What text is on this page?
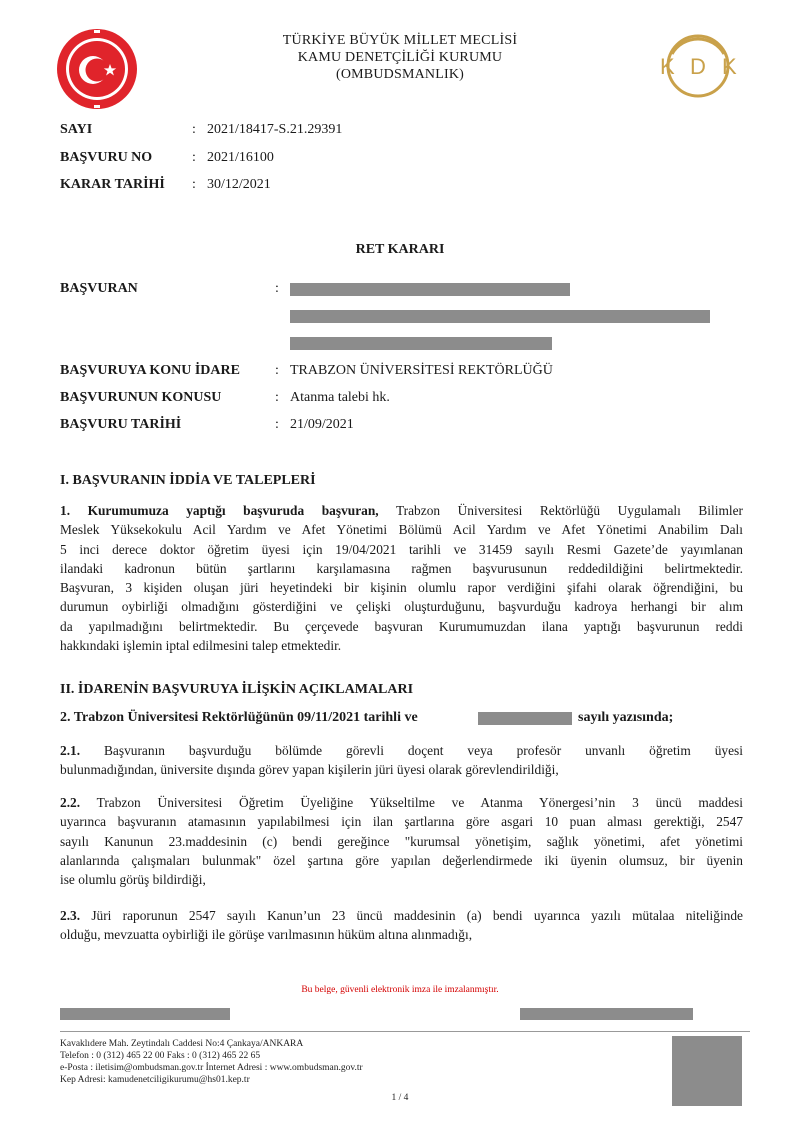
TÜRKİYE BÜYÜK MİLLET MECLİSİ
KAMU DENETÇİLİĞİ KURUMU
(OMBUDSMANLIK)	K D K
SAYI	: 2021/18417-S.21.29391
BAŞVURU NO	: 2021/16100
KARAR TARİHİ : 30/12/2021
RET KARARI
BAŞVURAN	:
BAŞVURUYA KONU İDARE	: TRABZON ÜNİVERSİTESİ REKTÖRLÜĞÜ
BAŞVURUNUN KONUSU	: Atanma talebi hk.
BAŞVURU TARİHİ	: 21/09/2021
I. BAŞVURANIN İDDİA VE TALEPLERİ
1. Kurumumuza yaptığı başvuruda başvuran, Trabzon Üniversitesi Rektörlüğü Uygulamalı Bilimler
Meslek Yüksekokulu Acil Yardım ve Afet Yönetimi Bölümü Acil Yardım ve Afet Yönetimi Anabilim Dalı
5 inci derece doktor öğretim üyesi için 19/04/2021 tarihli ve 31459 sayılı Resmi Gazete’de yayımlanan
ilandaki kadronun bütün şartlarını karşılamasına rağmen başvurusunun reddedildiğini belirtmektedir.
Başvuran, 3 kişiden oluşan jüri heyetindeki bir kişinin olumlu rapor verdiğini şifahi olarak öğrendiğini, bu
durumun oybirliği olmadığını gösterdiğini ve çelişki oluşturduğunu, başvurduğu kadroya herhangi bir alım
da yapılmadığını belirtmektedir. Bu çerçevede başvuran Kurumumuzdan ilana yaptığı başvurunun reddi
hakkındaki işlemin iptal edilmesini talep etmektedir.
II. İDARENİN BAŞVURUYA İLİŞKİN AÇIKLAMALARI
2. Trabzon Üniversitesi Rektörlüğünün 09/11/2021 tarihli ve	sayılı yazısında;
2.1. Başvuranın başvurduğu bölümde görevli doçent veya profesör unvanlı öğretim üyesi
bulunmadığından, üniversite dışında görev yapan kişilerin jüri üyesi olarak görevlendirildiği,
2.2. Trabzon Üniversitesi Öğretim Üyeliğine Yükseltilme ve Atanma Yönergesi’nin 3 üncü maddesi
uyarınca başvuranın atamasının yapılabilmesi için ilan şartlarına göre asgari 10 puan alması gerektiği, 2547
sayılı Kanunun 23.maddesinin (c) bendi gereğince "kurumsal yönetişim, sağlık yönetimi, afet yönetimi
alanlarında çalışmaları bulunmak" özel şartına göre yapılan değerlendirmede iki üyenin olumsuz, bir üyenin
ise olumlu görüş bildirdiği,
2.3. Jüri raporunun 2547 sayılı Kanun’un 23 üncü maddesinin (a) bendi uyarınca yazılı mütalaa niteliğinde
olduğu, mevzuatta oybirliği ile görüşe varılmasının hüküm altına alınmadığı,
Bu belge, güvenli elektronik imza ile imzalanmıştır.
Kavaklıdere Mah. Zeytindalı Caddesi No:4 Çankaya/ANKARA
Telefon : 0 (312) 465 22 00 Faks : 0 (312) 465 22 65
e-Posta : iletisim@ombudsman.gov.tr İnternet Adresi : www.ombudsman.gov.tr
Kep Adresi: kamudenetciligikurumu@hs01.kep.tr
1 / 4
